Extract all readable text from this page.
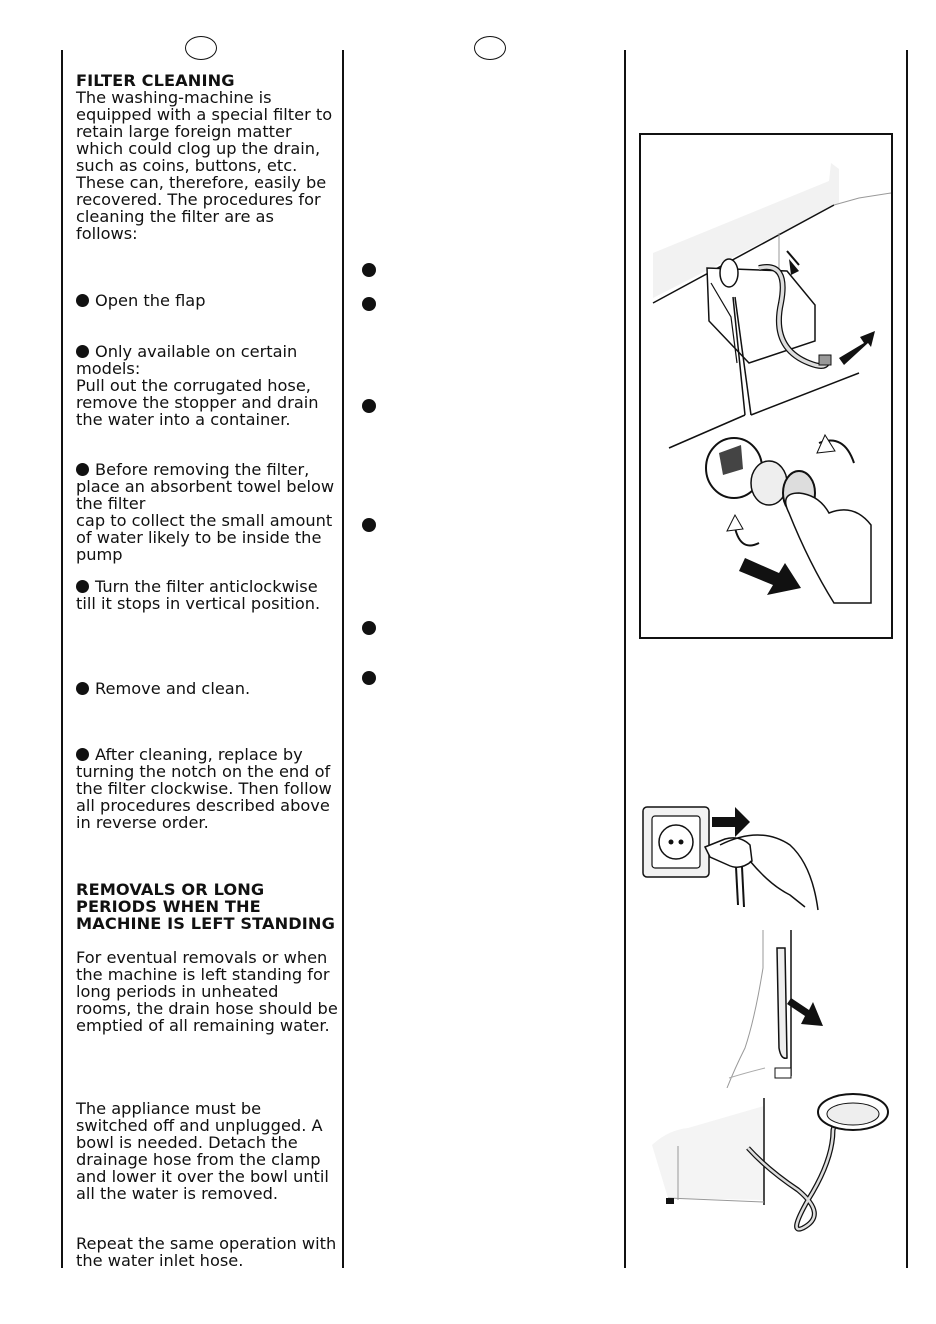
FILTER CLEANING
The washing-machine is equipped with a special filter to retain large foreign matter which could clog up the drain, such as coins, buttons, etc. These can, therefore, easily be recovered. The procedures for cleaning the filter are as follows:
Open the flap

Only available on certain models:
Pull out the corrugated hose, remove the stopper and drain the water into a container.

Before removing the filter, place an absorbent towel below the filter
cap to collect the small amount of water likely to be inside the pump

Turn the filter anticlockwise till it stops in vertical position.
Remove and clean.
After cleaning, replace by turning the notch on the end of the filter clockwise. Then follow all procedures described above in reverse order.
REMOVALS OR LONG PERIODS WHEN THE MACHINE IS LEFT STANDING
For eventual removals or when the machine is left standing for long periods in unheated rooms, the drain hose should be emptied of all remaining water.
The appliance must be switched off and unplugged. A bowl is needed. Detach the drainage hose from the clamp and lower it over the bowl until all the water is removed.
Repeat the same operation with the water inlet hose.
